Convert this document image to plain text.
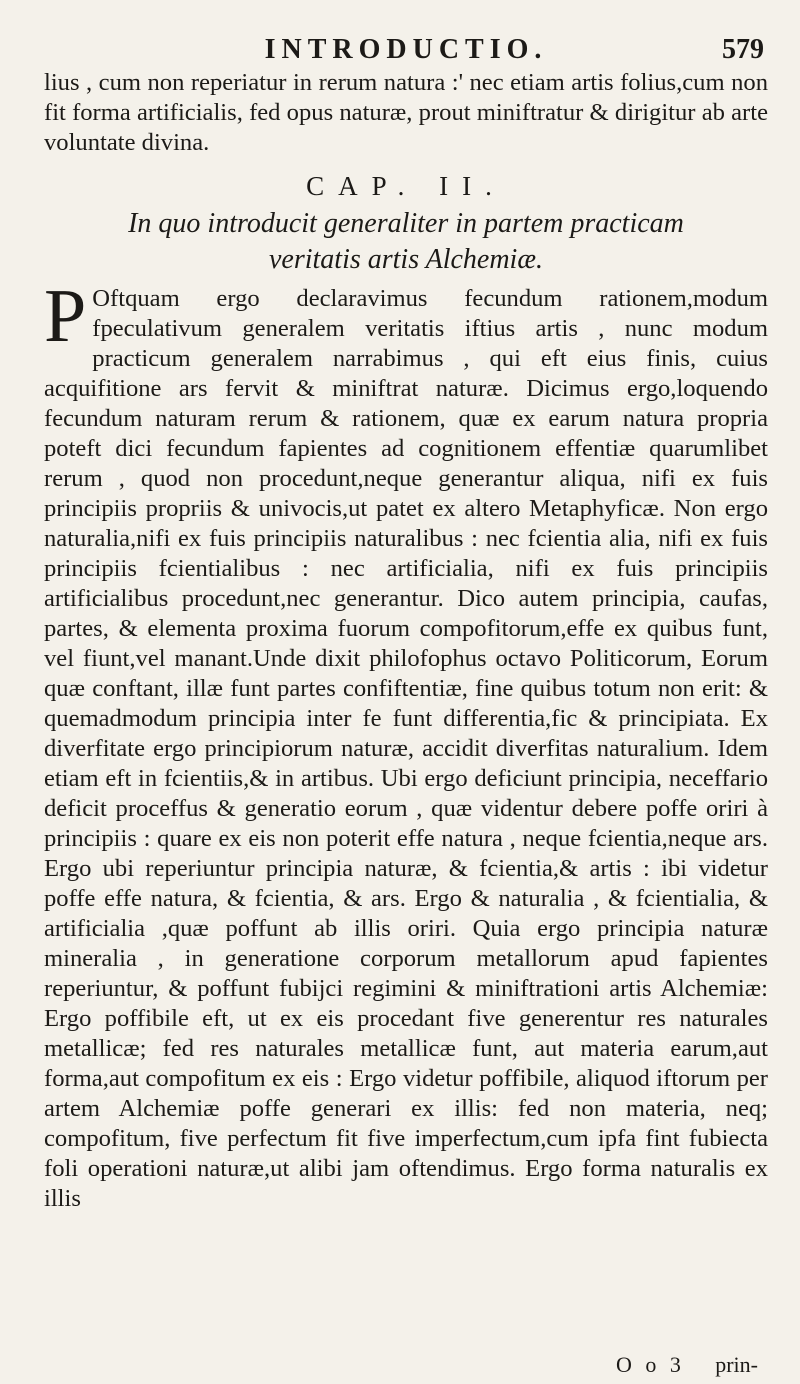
INTRODUCTIO.	579

lius , cum non reperiatur in rerum natura :' nec etiam artis folius,cum non fit forma artificialis, fed opus naturæ, prout miniftratur & dirigitur ab arte voluntate divina.

CAP. II.
In quo introducit generaliter in partem practicam
veritatis artis Alchemiæ.

P Oftquam ergo declaravimus fecundum rationem,modum fpeculativum generalem veritatis iftius artis , nunc modum practicum generalem narrabimus , qui eft eius finis, cuius acquifitione ars fervit & miniftrat naturæ. Dicimus ergo,loquendo fecundum naturam rerum & rationem, quæ ex earum natura propria poteft dici fecundum fapientes ad cognitionem effentiæ quarumlibet rerum , quod non procedunt,neque generantur aliqua, nifi ex fuis principiis propriis & univocis,ut patet ex altero Metaphyficæ. Non ergo naturalia,nifi ex fuis principiis naturalibus : nec fcientia alia, nifi ex fuis principiis fcientialibus : nec artificialia, nifi ex fuis principiis artificialibus procedunt,nec generantur. Dico autem principia, caufas, partes, & elementa proxima fuorum compofitorum,effe ex quibus funt, vel fiunt,vel manant.Unde dixit philofophus octavo Politicorum, Eorum quæ conftant, illæ funt partes confiftentiæ, fine quibus totum non erit: & quemadmodum principia inter fe funt differentia,fic & principiata. Ex diverfitate ergo principiorum naturæ, accidit diverfitas naturalium. Idem etiam eft in fcientiis,& in artibus. Ubi ergo deficiunt principia, neceffario deficit proceffus & generatio eorum , quæ videntur debere poffe oriri à principiis : quare ex eis non poterit effe natura , neque fcientia,neque ars. Ergo ubi reperiuntur principia naturæ, & fcientia,& artis : ibi videtur poffe effe natura, & fcientia, & ars. Ergo & naturalia , & fcientialia, & artificialia ,quæ poffunt ab illis oriri. Quia ergo principia naturæ mineralia , in generatione corporum metallorum apud fapientes reperiuntur, & poffunt fubijci regimini & miniftrationi artis Alchemiæ: Ergo poffibile eft, ut ex eis procedant five generentur res naturales metallicæ; fed res naturales metallicæ funt, aut materia earum,aut forma,aut compofitum ex eis : Ergo videtur poffibile, aliquod iftorum per artem Alchemiæ poffe generari ex illis: fed non materia, neq; compofitum, five perfectum fit five imperfectum,cum ipfa fint fubiecta foli operationi naturæ,ut alibi jam oftendimus. Ergo forma naturalis ex illis

O o 3 prin-
